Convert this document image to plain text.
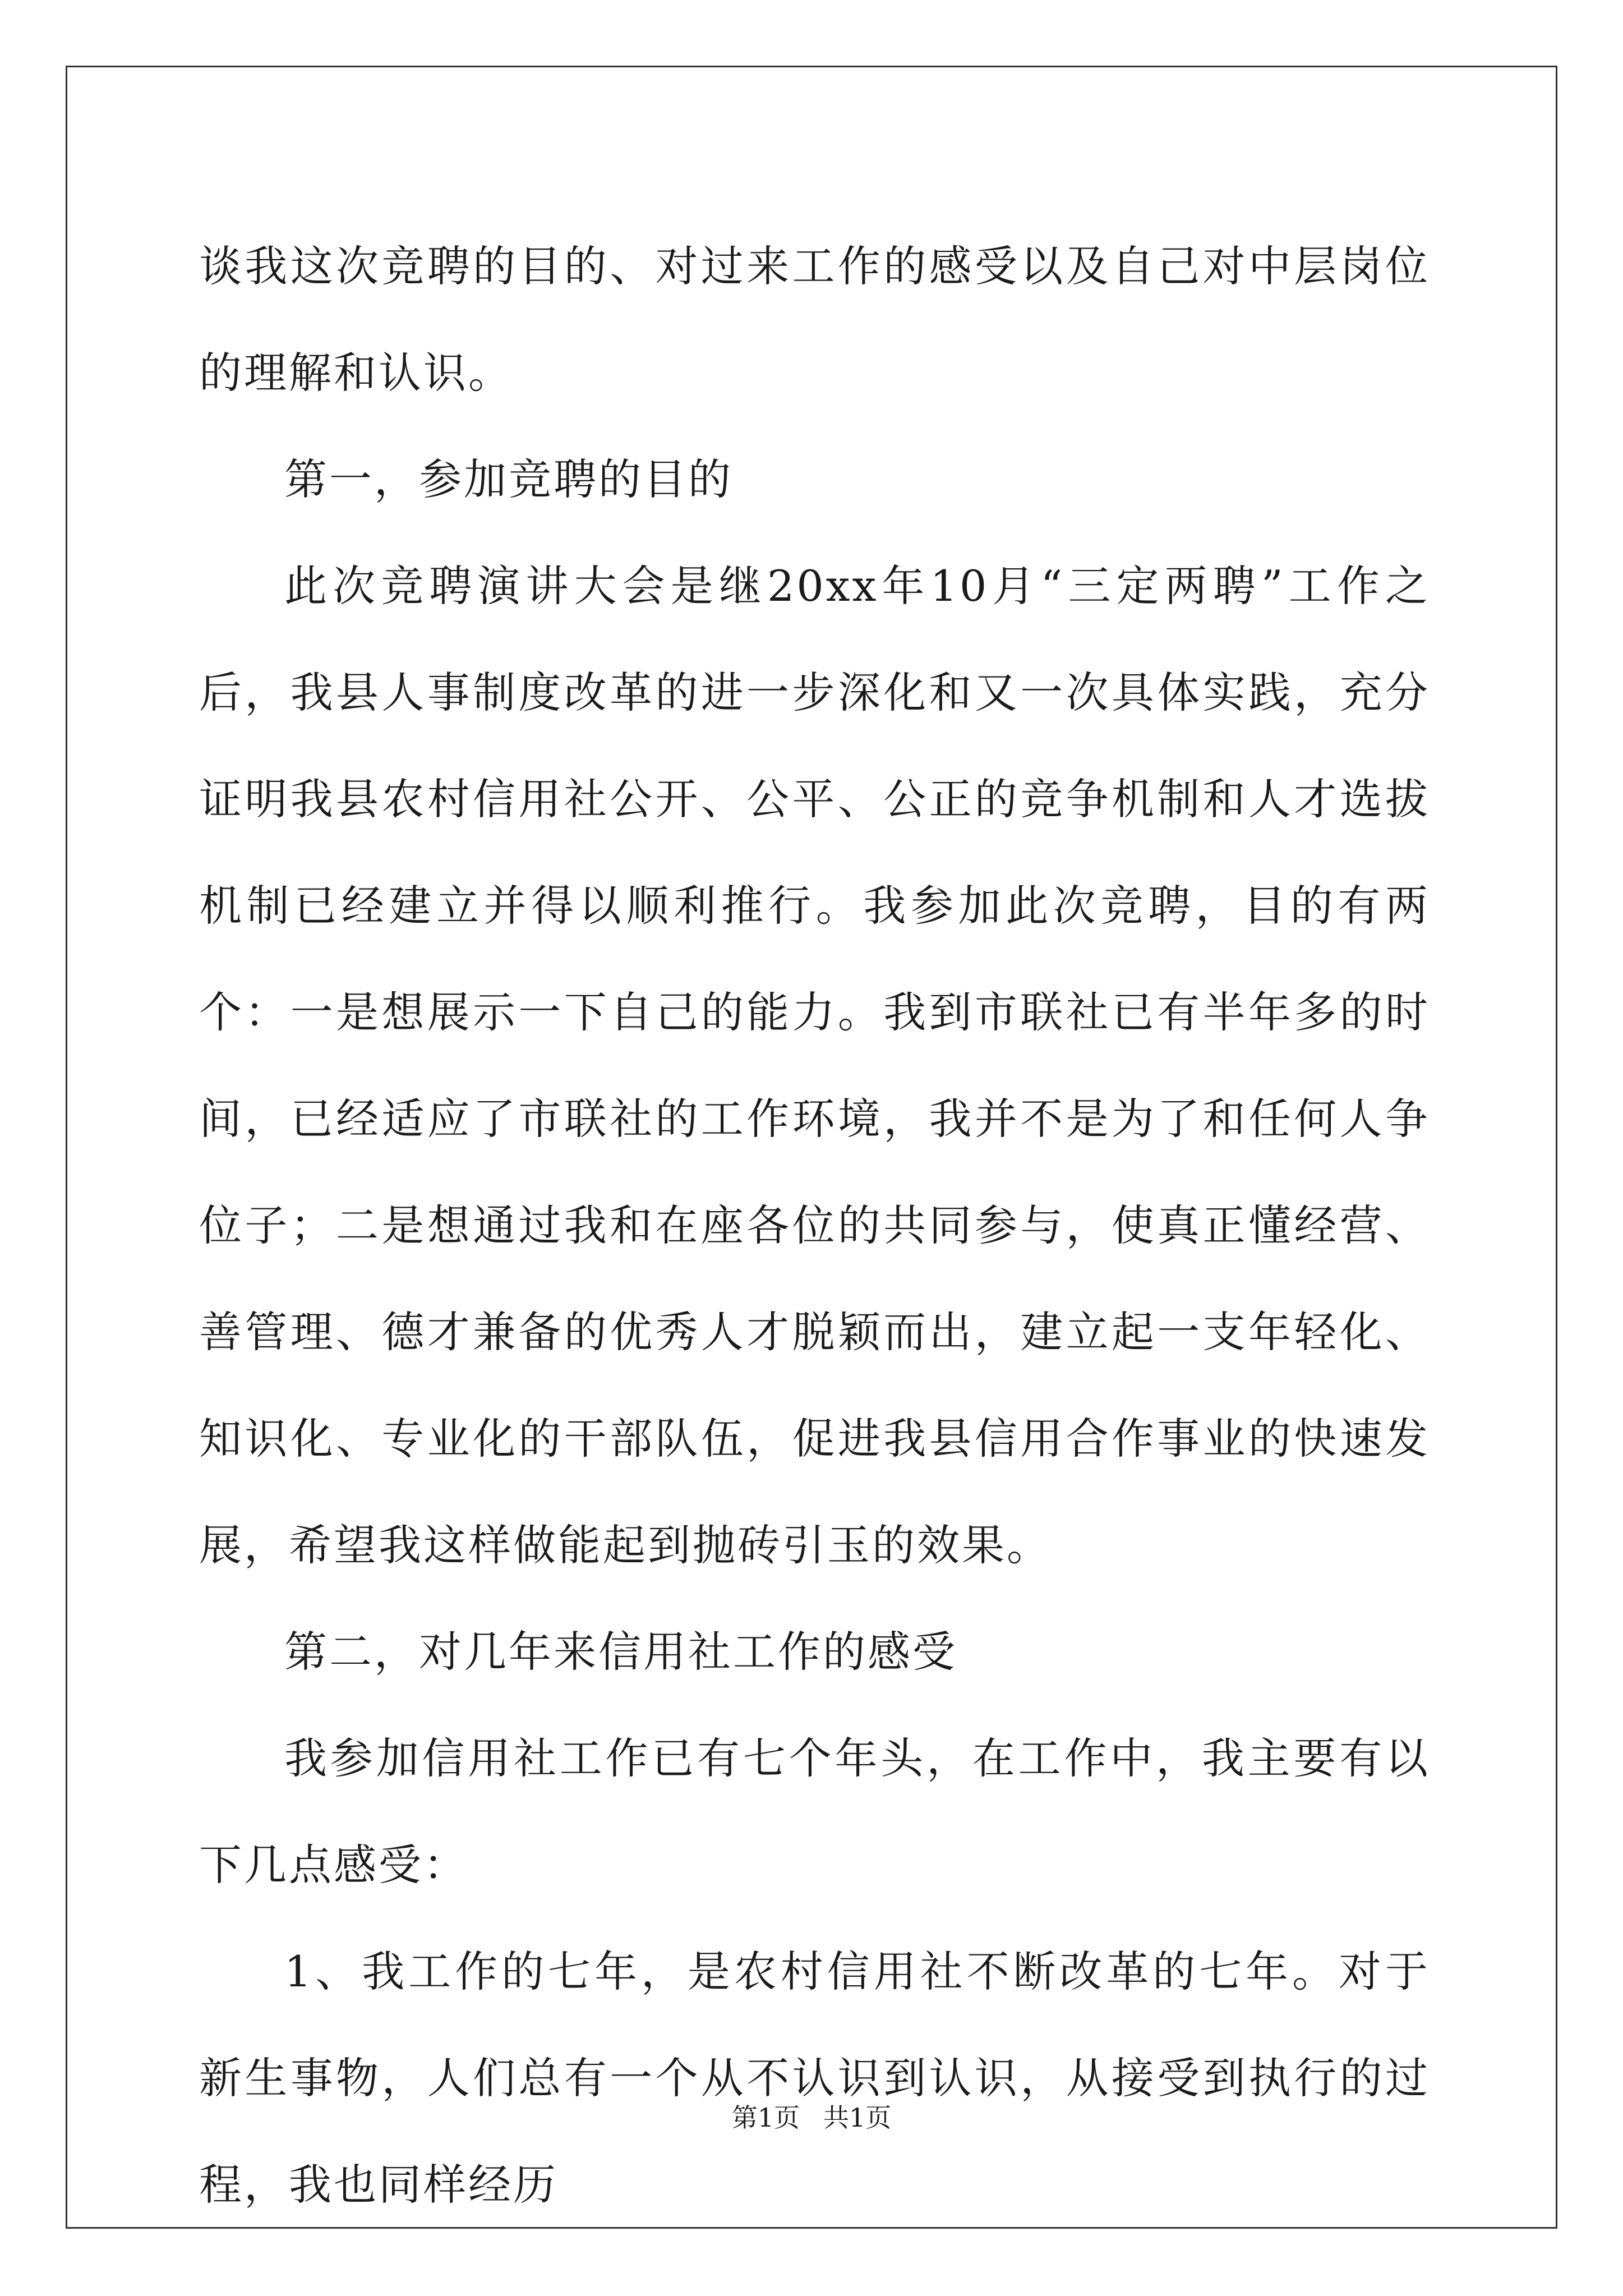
谈我这次竞聘的目的、对过来工作的感受以及自己对中层岗位的理解和认识。

第一，参加竞聘的目的

此次竞聘演讲大会是继20xx年10月“三定两聘”工作之后，我县人事制度改革的进一步深化和又一次具体实践，充分证明我县农村信用社公开、公平、公正的竞争机制和人才选拔机制已经建立并得以顺利推行。我参加此次竞聘，目的有两个：一是想展示一下自己的能力。我到市联社已有半年多的时间，已经适应了市联社的工作环境，我并不是为了和任何人争位子；二是想通过我和在座各位的共同参与，使真正懂经营、善管理、德才兼备的优秀人才脱颖而出，建立起一支年轻化、知识化、专业化的干部队伍，促进我县信用合作事业的快速发展，希望我这样做能起到抛砖引玉的效果。

第二，对几年来信用社工作的感受

我参加信用社工作已有七个年头，在工作中，我主要有以下几点感受：

1、我工作的七年，是农村信用社不断改革的七年。对于新生事物，人们总有一个从不认识到认识，从接受到执行的过程，我也同样经历

第1页 共1页
